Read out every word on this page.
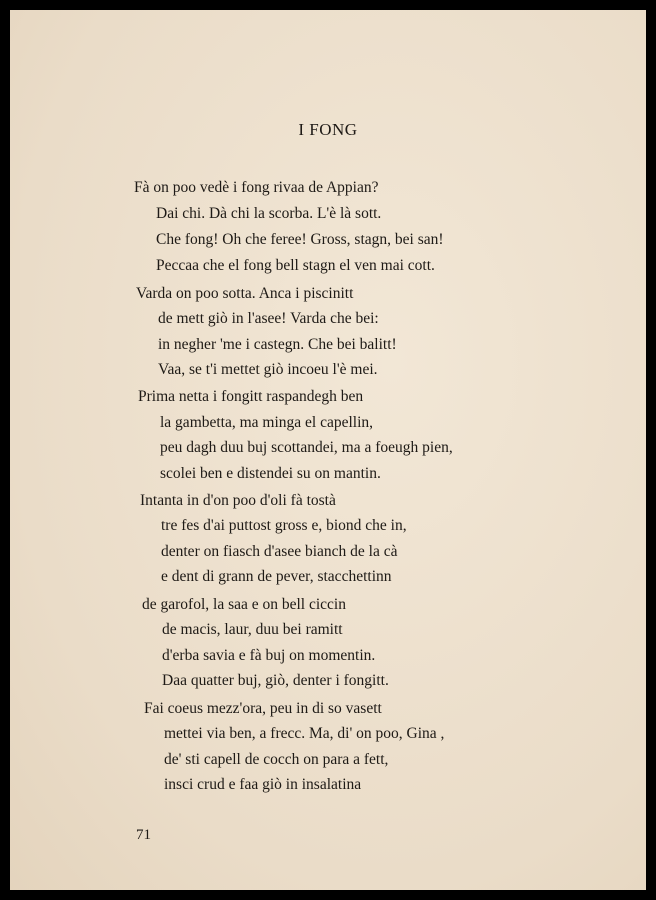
I FONG
Fà on poo vedè i fong rivaa de Appian?
Dai chi. Dà chi la scorba. L'è là sott.
Che fong! Oh che feree! Gross, stagn, bei san!
Peccaa che el fong bell stagn el ven mai cott.
Varda on poo sotta. Anca i piscinitt
de mett giò in l'asee! Varda che bei:
in negher 'me i castegn. Che bei balitt!
Vaa, se t'i mettet giò incoeu l'è mei.
Prima netta i fongitt raspandegh ben
la gambetta, ma minga el capellin,
peu dagh duu buj scottandei, ma a foeugh pien,
scolei ben e distendei su on mantin.
Intanta in d'on poo d'oli fà tostà
tre fes d'ai puttost gross e, biond che in,
denter on fiasch d'asee bianch de la cà
e dent di grann de pever, stacchettinn
de garofol, la saa e on bell ciccin
de macis, laur, duu bei ramitt
d'erba savia e fà buj on momentin.
Daa quatter buj, giò, denter i fongitt.
Fai coeus mezz'ora, peu in di so vasett
mettei via ben, a frecc. Ma, di' on poo, Gina ,
de' sti capell de cocch on para a fett,
insci crud e faa giò in insalatina
71
